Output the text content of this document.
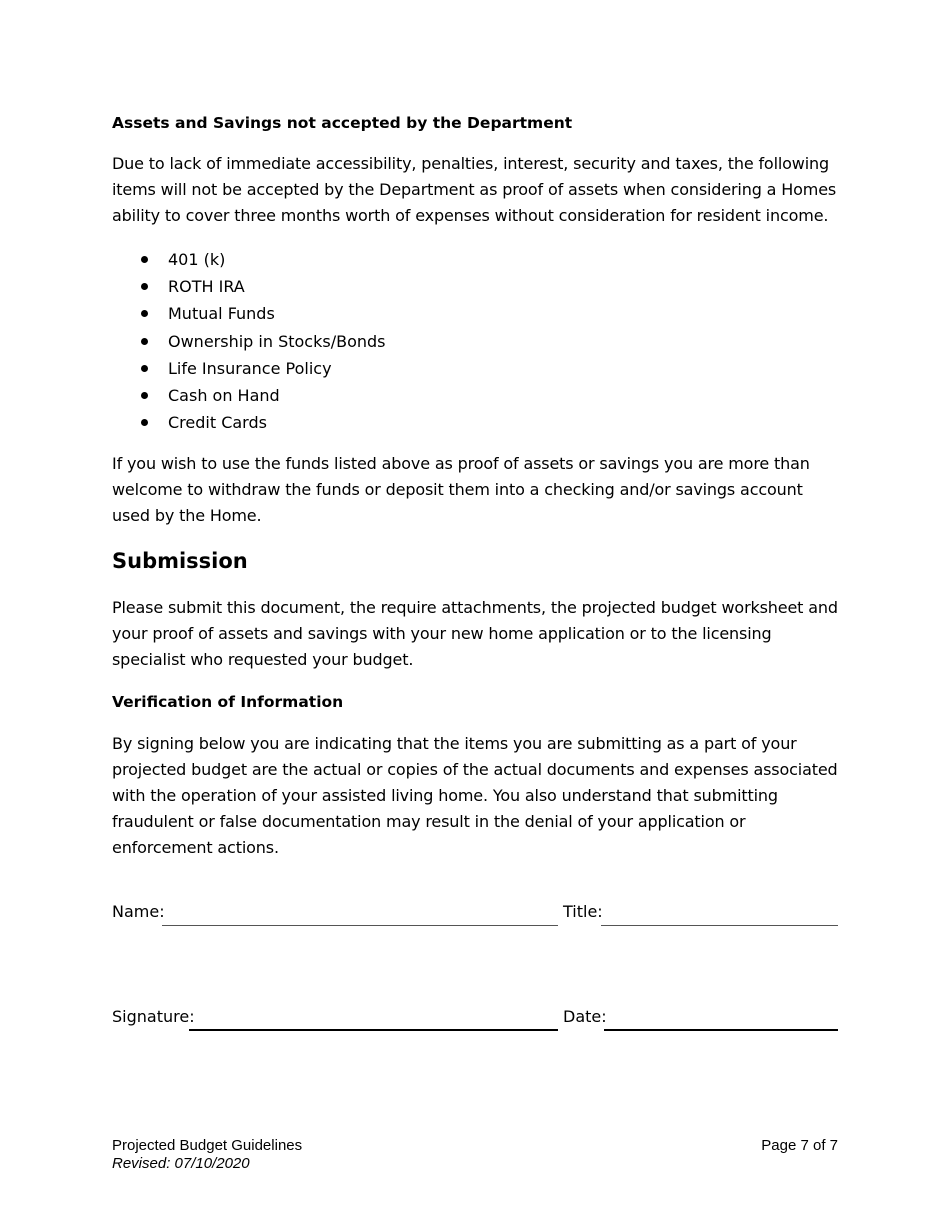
Assets and Savings not accepted by the Department

Due to lack of immediate accessibility, penalties, interest, security and taxes, the following items will not be accepted by the Department as proof of assets when considering a Homes ability to cover three months worth of expenses without consideration for resident income.

401 (k)
ROTH IRA
Mutual Funds
Ownership in Stocks/Bonds
Life Insurance Policy
Cash on Hand
Credit Cards

If you wish to use the funds listed above as proof of assets or savings you are more than welcome to withdraw the funds or deposit them into a checking and/or savings account used by the Home.

Submission

Please submit this document, the require attachments, the projected budget worksheet and your proof of assets and savings with your new home application or to the licensing specialist who requested your budget.

Verification of Information

By signing below you are indicating that the items you are submitting as a part of your projected budget are the actual or copies of the actual documents and expenses associated with the operation of your assisted living home. You also understand that submitting fraudulent or false documentation may result in the denial of your application or enforcement actions.

Name:	Title:
Signature:	Date:
Projected Budget Guidelines
Revised: 07/10/2020
Page 7 of 7
